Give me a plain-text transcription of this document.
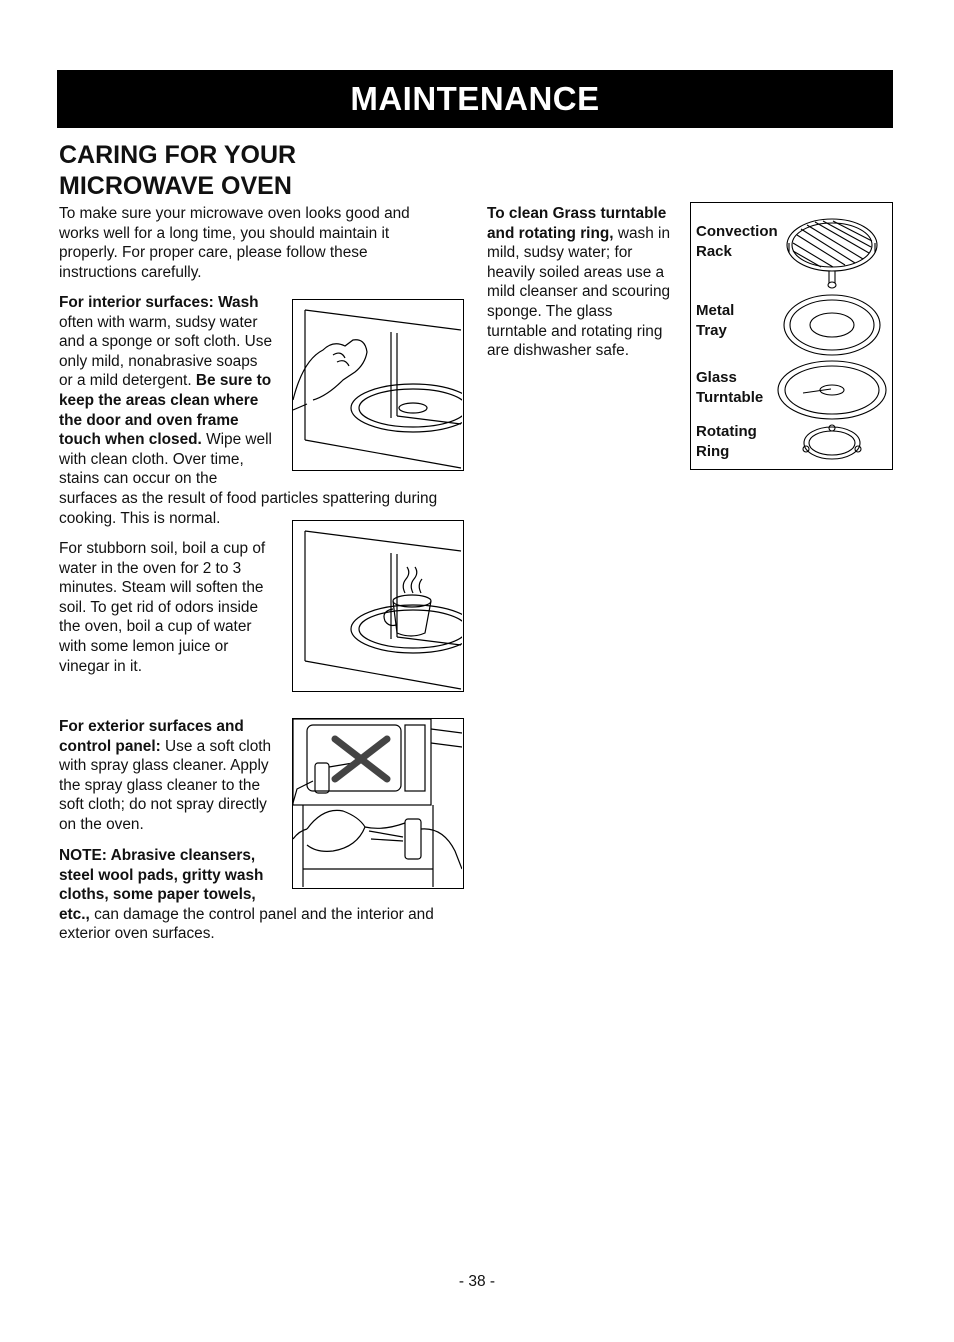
MAINTENANCE
CARING FOR YOUR
MICROWAVE OVEN

To make sure your microwave oven looks good and
works well for a long time, you should maintain it
properly. For proper care, please follow these
instructions carefully.

For interior surfaces: Wash
often with warm, sudsy water
and a sponge or soft cloth. Use
only mild, nonabrasive soaps
or a mild detergent. Be sure to
keep the areas clean where
the door and oven frame
touch when closed. Wipe well
with clean cloth. Over time,
stains can occur on the
surfaces as the result of food particles spattering during
cooking. This is normal.

For stubborn soil, boil a cup of
water in the oven for 2 to 3
minutes. Steam will soften the
soil. To get rid of odors inside
the oven, boil a cup of water
with some lemon juice or
vinegar in it.

For exterior surfaces and
control panel: Use a soft cloth
with spray glass cleaner. Apply
the spray glass cleaner to the
soft cloth; do not spray directly
on the oven.

NOTE: Abrasive cleansers,
steel wool pads, gritty wash
cloths, some paper towels,
etc., can damage the control panel and the interior and
exterior oven surfaces.

To clean Grass turntable
and rotating ring, wash in
mild, sudsy water; for
heavily soiled areas use a
mild cleanser and scouring
sponge. The glass
turntable and rotating ring
are dishwasher safe.

Convection
Rack
Metal
Tray
Glass
Turntable
Rotating
Ring
- 38 -
